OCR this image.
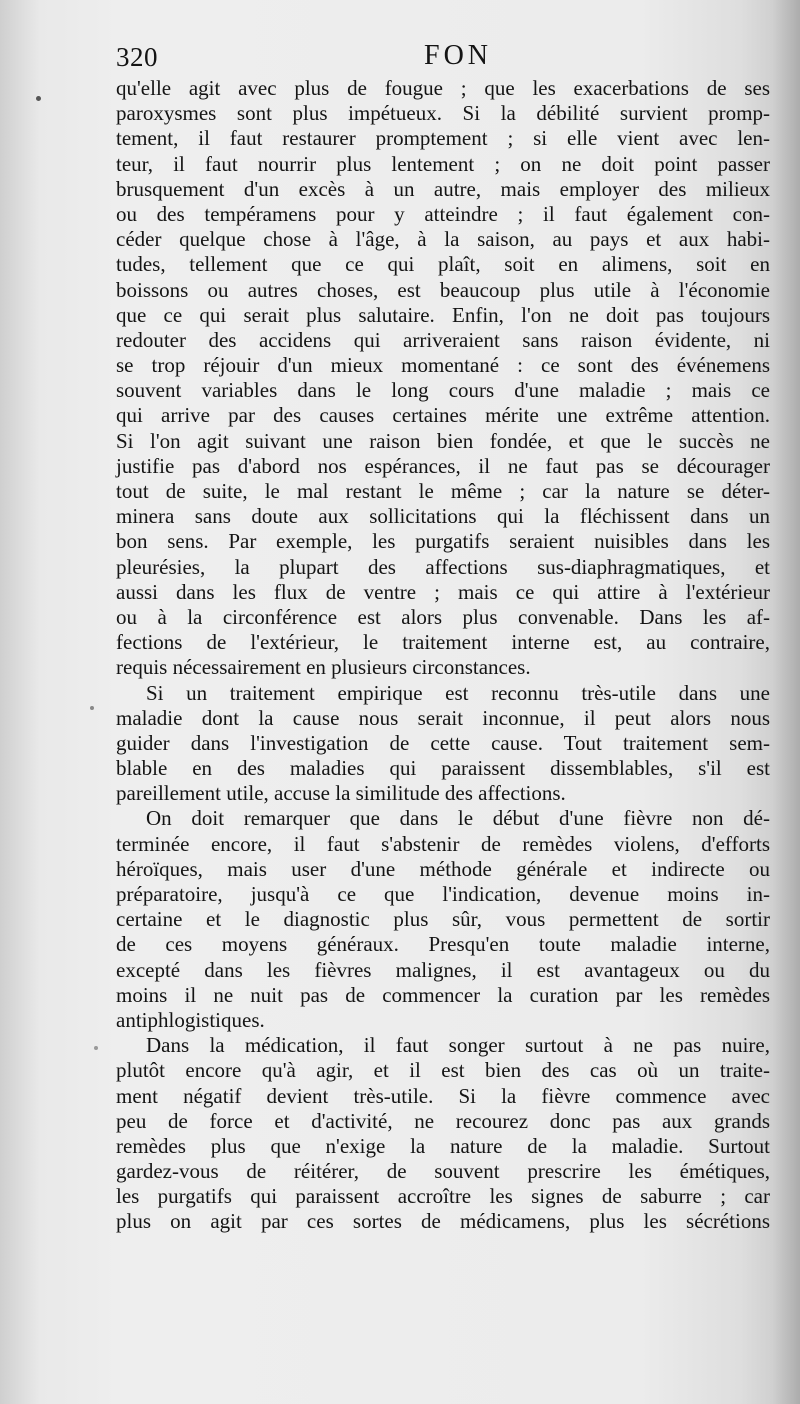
320	FON
qu'elle agit avec plus de fougue ; que les exacerbations de ses
paroxysmes sont plus impétueux. Si la débilité survient promp-
tement, il faut restaurer promptement ; si elle vient avec len-
teur, il faut nourrir plus lentement ; on ne doit point passer
brusquement d'un excès à un autre, mais employer des milieux
ou des tempéramens pour y atteindre ; il faut également con-
céder quelque chose à l'âge, à la saison, au pays et aux habi-
tudes, tellement que ce qui plaît, soit en alimens, soit en
boissons ou autres choses, est beaucoup plus utile à l'économie
que ce qui serait plus salutaire. Enfin, l'on ne doit pas toujours
redouter des accidens qui arriveraient sans raison évidente, ni
se trop réjouir d'un mieux momentané : ce sont des événemens
souvent variables dans le long cours d'une maladie ; mais ce
qui arrive par des causes certaines mérite une extrême attention.
Si l'on agit suivant une raison bien fondée, et que le succès ne
justifie pas d'abord nos espérances, il ne faut pas se décourager
tout de suite, le mal restant le même ; car la nature se déter-
minera sans doute aux sollicitations qui la fléchissent dans un
bon sens. Par exemple, les purgatifs seraient nuisibles dans les
pleurésies, la plupart des affections sus-diaphragmatiques, et
aussi dans les flux de ventre ; mais ce qui attire à l'extérieur
ou à la circonférence est alors plus convenable. Dans les af-
fections de l'extérieur, le traitement interne est, au contraire,
requis nécessairement en plusieurs circonstances.
Si un traitement empirique est reconnu très-utile dans une
maladie dont la cause nous serait inconnue, il peut alors nous
guider dans l'investigation de cette cause. Tout traitement sem-
blable en des maladies qui paraissent dissemblables, s'il est
pareillement utile, accuse la similitude des affections.
On doit remarquer que dans le début d'une fièvre non dé-
terminée encore, il faut s'abstenir de remèdes violens, d'efforts
héroïques, mais user d'une méthode générale et indirecte ou
préparatoire, jusqu'à ce que l'indication, devenue moins in-
certaine et le diagnostic plus sûr, vous permettent de sortir
de ces moyens généraux. Presqu'en toute maladie interne,
excepté dans les fièvres malignes, il est avantageux ou du
moins il ne nuit pas de commencer la curation par les remèdes
antiphlogistiques.
Dans la médication, il faut songer surtout à ne pas nuire,
plutôt encore qu'à agir, et il est bien des cas où un traite-
ment négatif devient très-utile. Si la fièvre commence avec
peu de force et d'activité, ne recourez donc pas aux grands
remèdes plus que n'exige la nature de la maladie. Surtout
gardez-vous de réitérer, de souvent prescrire les émétiques,
les purgatifs qui paraissent accroître les signes de saburre ; car
plus on agit par ces sortes de médicamens, plus les sécrétions
